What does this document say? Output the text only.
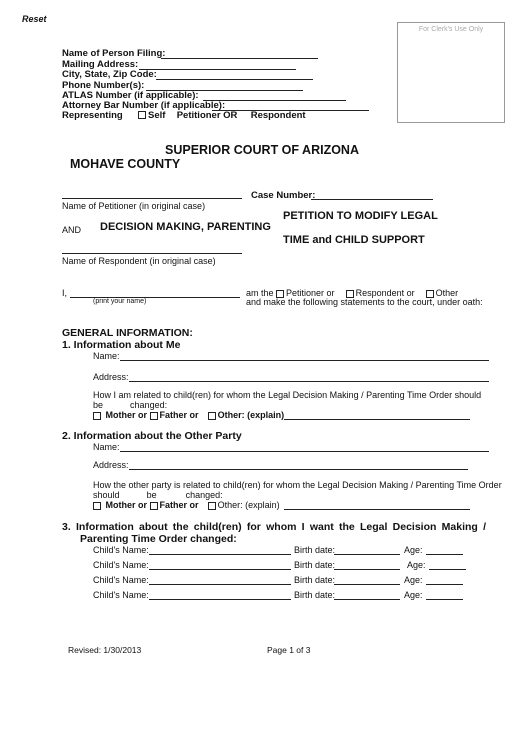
Reset
For Clerk's Use Only
Name of Person Filing:
Mailing Address:
City, State, Zip Code:
Phone Number(s):
ATLAS Number (if applicable):
Attorney Bar Number (if applicable):
Representing	Self Petitioner OR Respondent
SUPERIOR COURT OF ARIZONA
MOHAVE COUNTY
Name of Petitioner (in original case)
Case Number:
PETITION TO MODIFY LEGAL
AND DECISION MAKING, PARENTING
TIME and CHILD SUPPORT
Name of Respondent (in original case)
I,
(print your name)
am the Petitioner or Respondent or Other
and make the following statements to the court, under oath:
GENERAL INFORMATION:
1. Information about Me
Name:
Address:
How I am related to child(ren) for whom the Legal Decision Making / Parenting Time Order should
be	changed:
Mother or Father or Other: (explain)
2. Information about the Other Party
Name:
Address:
How the other party is related to child(ren) for whom the Legal Decision Making / Parenting Time Order
should	be	changed:
Mother or Father or Other: (explain)
3. Information about the child(ren) for whom I want the Legal Decision Making /
Parenting Time Order changed:
Child's Name:	Birth date:	Age:
Child's Name:	Birth date:	Age:
Child's Name:	Birth date:	Age:
Child's Name:	Birth date:	Age:
Revised: 1/30/2013	Page 1 of 3
